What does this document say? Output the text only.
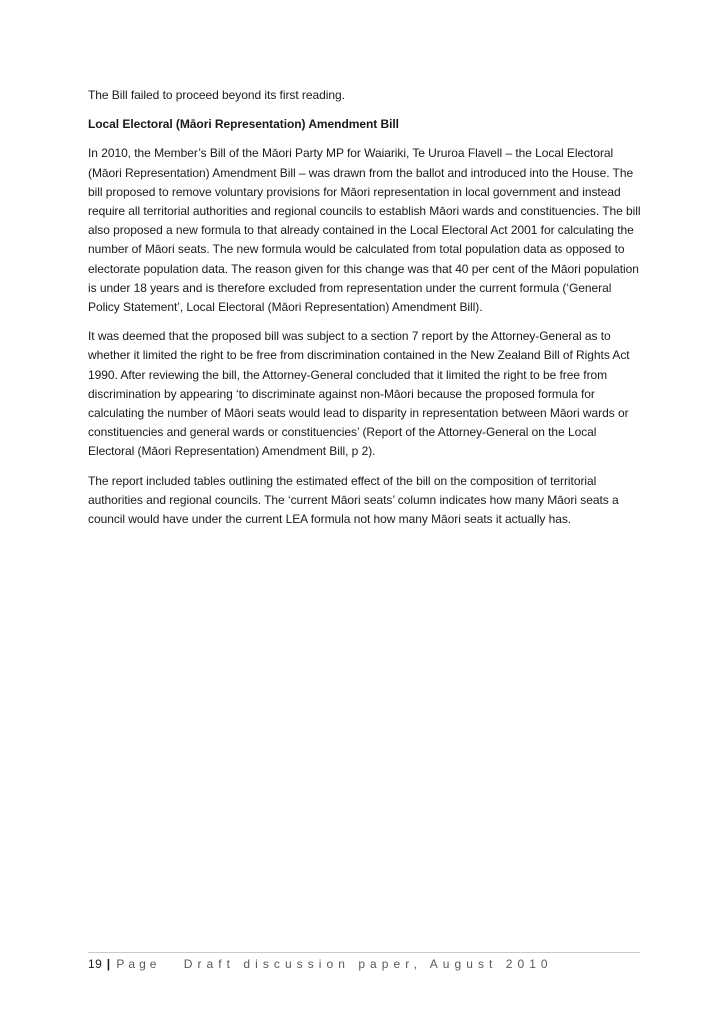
The Bill failed to proceed beyond its first reading.

Local Electoral (Māori Representation) Amendment Bill

In 2010, the Member’s Bill of the Māori Party MP for Waiariki, Te Ururoa Flavell – the Local Electoral (Māori Representation) Amendment Bill – was drawn from the ballot and introduced into the House. The bill proposed to remove voluntary provisions for Māori representation in local government and instead require all territorial authorities and regional councils to establish Māori wards and constituencies. The bill also proposed a new formula to that already contained in the Local Electoral Act 2001 for calculating the number of Māori seats. The new formula would be calculated from total population data as opposed to electorate population data. The reason given for this change was that 40 per cent of the Māori population is under 18 years and is therefore excluded from representation under the current formula (‘General Policy Statement’, Local Electoral (Māori Representation) Amendment Bill).

It was deemed that the proposed bill was subject to a section 7 report by the Attorney-General as to whether it limited the right to be free from discrimination contained in the New Zealand Bill of Rights Act 1990. After reviewing the bill, the Attorney-General concluded that it limited the right to be free from discrimination by appearing ‘to discriminate against non-Māori because the proposed formula for calculating the number of Māori seats would lead to disparity in representation between Māori wards or constituencies and general wards or constituencies’ (Report of the Attorney-General on the Local Electoral (Māori Representation) Amendment Bill, p 2).

The report included tables outlining the estimated effect of the bill on the composition of territorial authorities and regional councils. The ‘current Māori seats’ column indicates how many Māori seats a council would have under the current LEA formula not how many Māori seats it actually has.

19 | Page Draft discussion paper, August 2010
